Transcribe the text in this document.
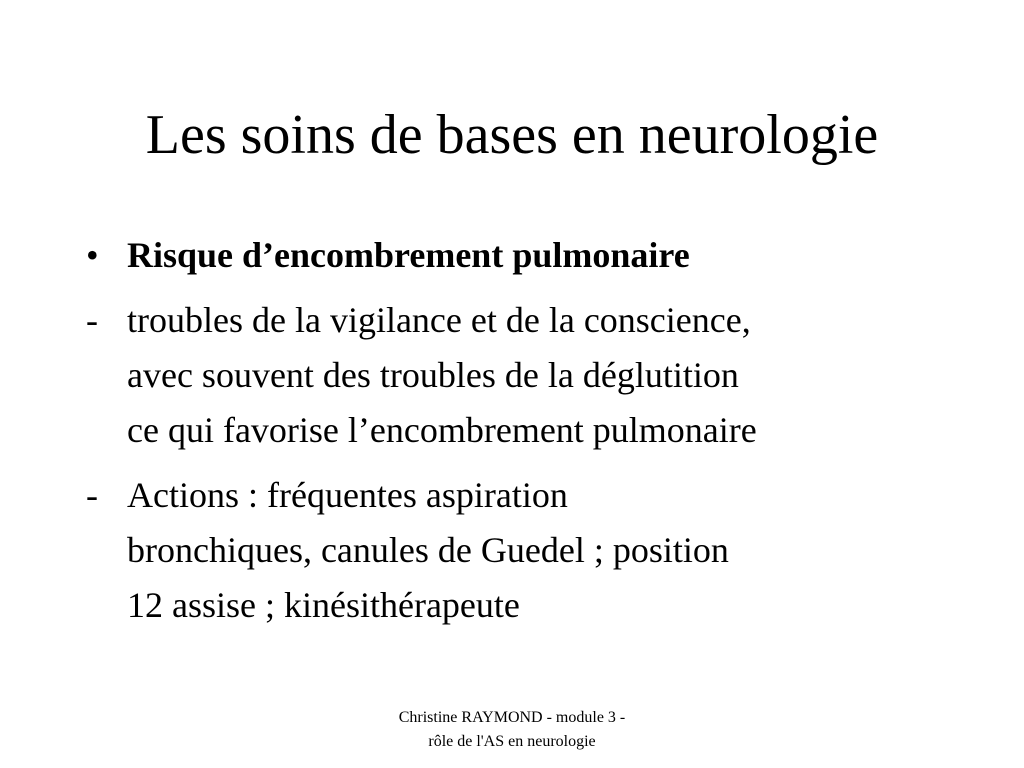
Les soins de bases en neurologie
• Risque d’encombrement pulmonaire
- troubles de la vigilance et de la conscience,
avec souvent des troubles de la déglutition
ce qui favorise l’encombrement pulmonaire
- Actions : fréquentes aspiration
bronchiques, canules de Guedel ; position
12 assise ; kinésithérapeute
Christine RAYMOND - module 3 -
rôle de l'AS en neurologie
